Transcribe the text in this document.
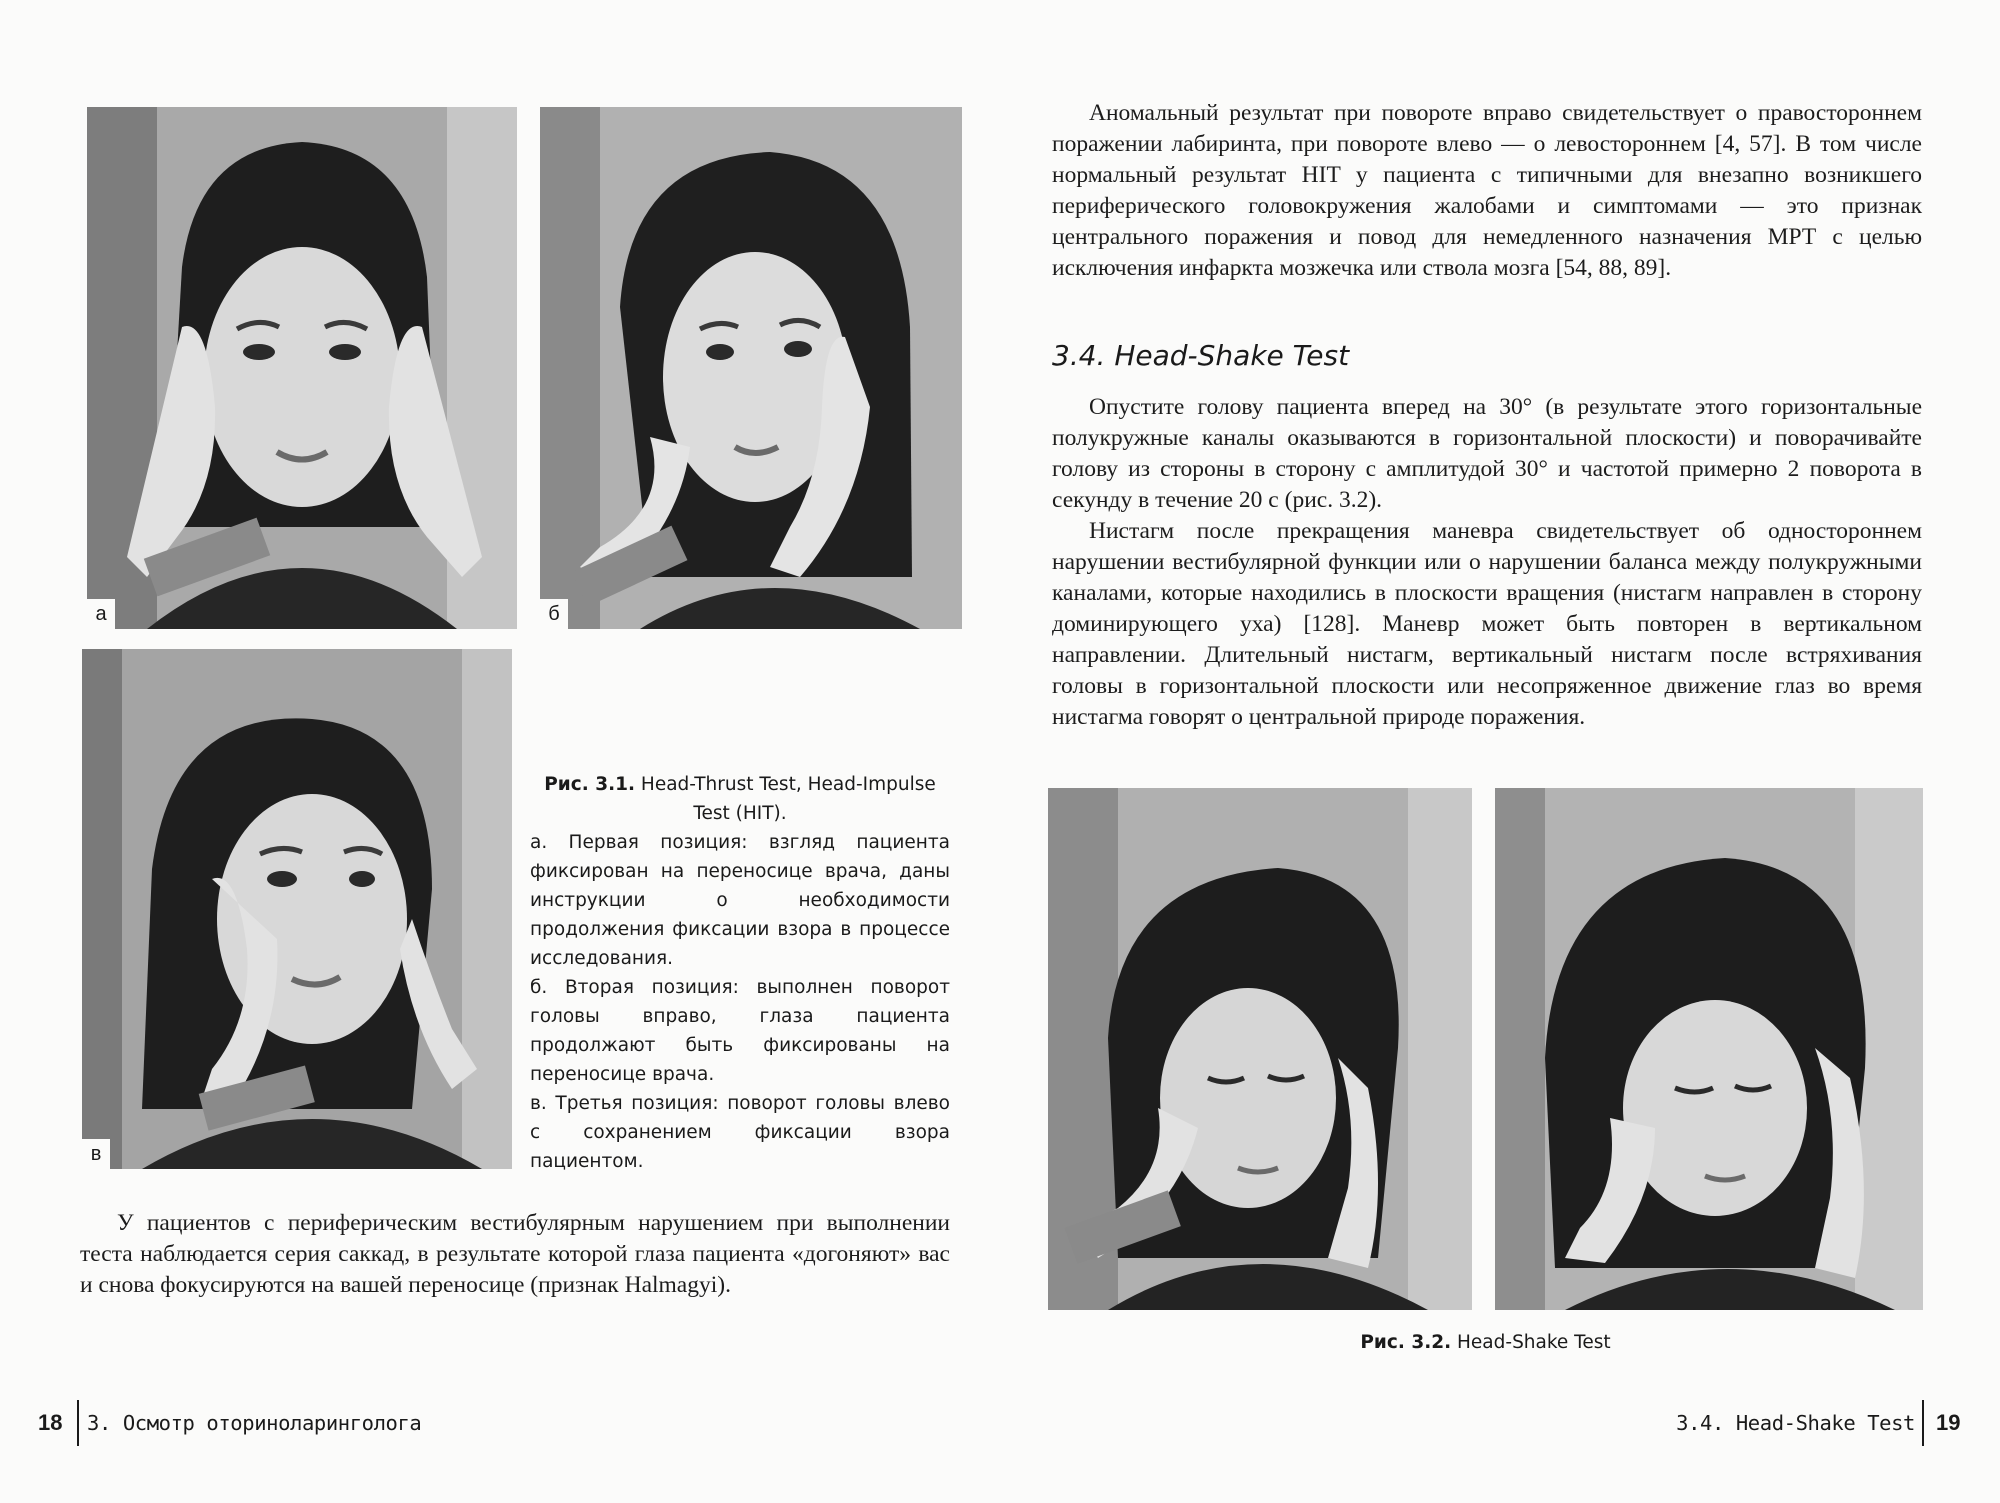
а	б
в
Рис. 3.1. Head-Thrust Test, Head-Impulse
Test (HIT).
а. Первая позиция: взгляд пациента фиксирован на переносице врача, даны инструкции о необходимости продолжения фиксации взора в процессе исследования.
б. Вторая позиция: выполнен поворот головы вправо, глаза пациента продолжают быть фиксированы на переносице врача.
в. Третья позиция: поворот головы влево с сохранением фиксации взора пациентом.
У пациентов с периферическим вестибулярным нарушением при выполнении теста наблюдается серия саккад, в результате которой глаза пациента «догоняют» вас и снова фокусируются на вашей переносице (признак Halmagyi).
18 3. Осмотр оториноларинголога
Аномальный результат при повороте вправо свидетельствует о правостороннем поражении лабиринта, при повороте влево — о левостороннем [4, 57]. В том числе нормальный результат HIT у пациента с типичными для внезапно возникшего периферического головокружения жалобами и симптомами — это признак центрального поражения и повод для немедленного назначения МРТ с целью исключения инфаркта мозжечка или ствола мозга [54, 88, 89].
3.4. Head-Shake Test
Опустите голову пациента вперед на 30° (в результате этого горизонтальные полукружные каналы оказываются в горизонтальной плоскости) и поворачивайте голову из стороны в сторону с амплитудой 30° и частотой примерно 2 поворота в секунду в течение 20 с (рис. 3.2).
Нистагм после прекращения маневра свидетельствует об одностороннем нарушении вестибулярной функции или о нарушении баланса между полукружными каналами, которые находились в плоскости вращения (нистагм направлен в сторону доминирующего уха) [128]. Маневр может быть повторен в вертикальном направлении. Длительный нистагм, вертикальный нистагм после встряхивания головы в горизонтальной плоскости или несопряженное движение глаз во время нистагма говорят о центральной природе поражения.
Рис. 3.2. Head-Shake Test
3.4. Head-Shake Test 19
